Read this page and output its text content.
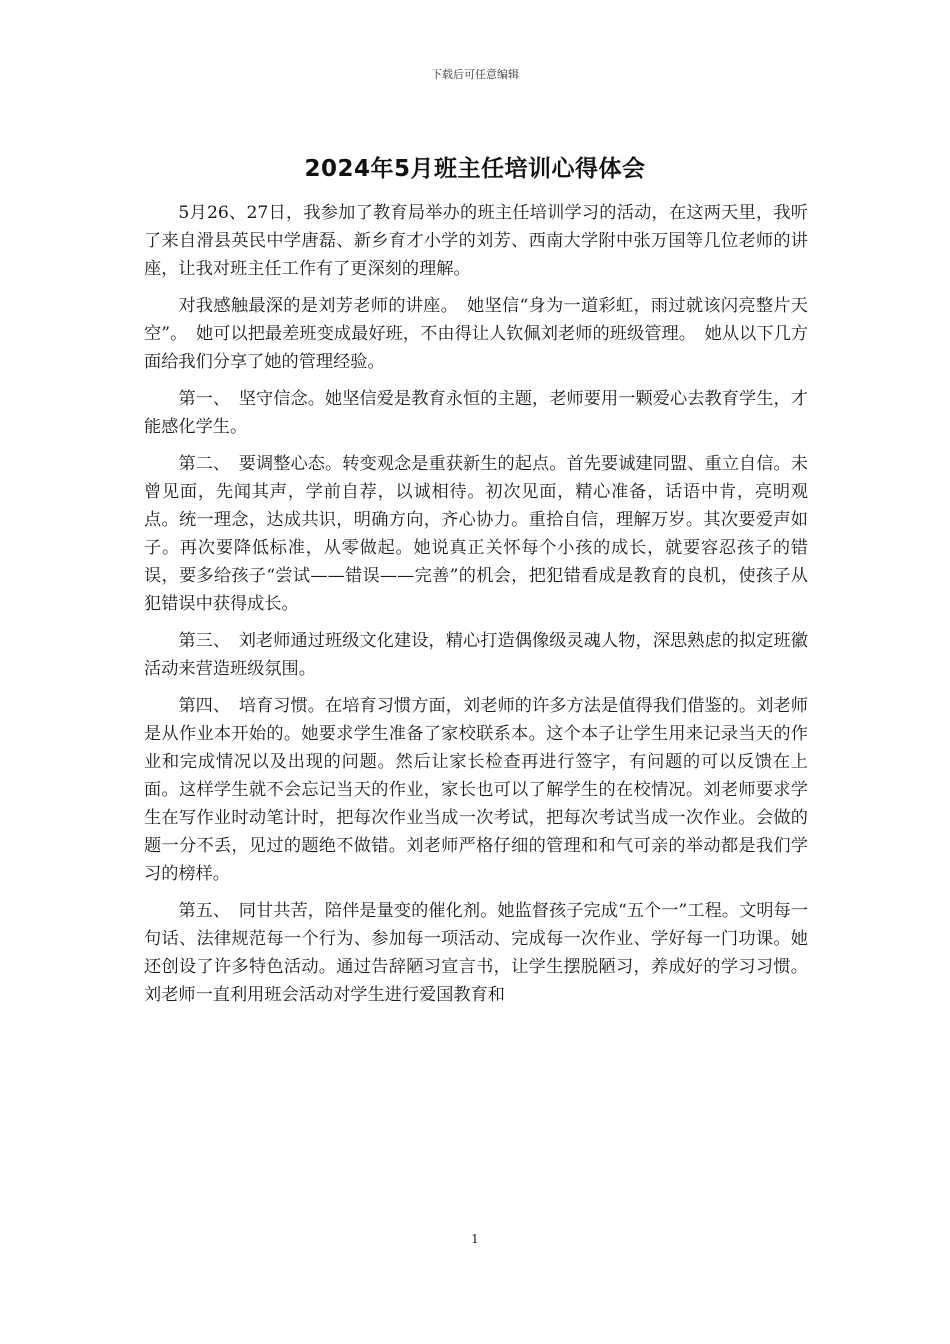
下载后可任意编辑
2024年5月班主任培训心得体会

5月26、27日，我参加了教育局举办的班主任培训学习的活动，在这两天里，我听了来自滑县英民中学唐磊、新乡育才小学的刘芳、西南大学附中张万国等几位老师的讲座，让我对班主任工作有了更深刻的理解。

对我感触最深的是刘芳老师的讲座。　她坚信“身为一道彩虹，雨过就该闪亮整片天空”。　她可以把最差班变成最好班，不由得让人钦佩刘老师的班级管理。　她从以下几方面给我们分享了她的管理经验。

第一、　坚守信念。她坚信爱是教育永恒的主题，老师要用一颗爱心去教育学生，才能感化学生。

第二、　要调整心态。转变观念是重获新生的起点。首先要诚建同盟、重立自信。未曾见面，先闻其声，学前自荐，以诚相待。初次见面，精心准备，话语中肯，亮明观点。统一理念，达成共识，明确方向，齐心协力。重拾自信，理解万岁。其次要爱声如子。再次要降低标准，从零做起。她说真正关怀每个小孩的成长，就要容忍孩子的错误，要多给孩子“尝试——错误——完善”的机会，把犯错看成是教育的良机，使孩子从犯错误中获得成长。

第三、　刘老师通过班级文化建设，精心打造偶像级灵魂人物，深思熟虑的拟定班徽活动来营造班级氛围。

第四、　培育习惯。在培育习惯方面，刘老师的许多方法是值得我们借鉴的。刘老师是从作业本开始的。她要求学生准备了家校联系本。这个本子让学生用来记录当天的作业和完成情况以及出现的问题。然后让家长检查再进行签字，有问题的可以反馈在上面。这样学生就不会忘记当天的作业，家长也可以了解学生的在校情况。刘老师要求学生在写作业时动笔计时，把每次作业当成一次考试，把每次考试当成一次作业。会做的题一分不丢，见过的题绝不做错。刘老师严格仔细的管理和和气可亲的举动都是我们学习的榜样。

第五、　同甘共苦，陪伴是量变的催化剂。她监督孩子完成“五个一”工程。文明每一句话、法律规范每一个行为、参加每一项活动、完成每一次作业、学好每一门功课。她还创设了许多特色活动。通过告辞陋习宣言书，让学生摆脱陋习，养成好的学习习惯。刘老师一直利用班会活动对学生进行爱国教育和

1
